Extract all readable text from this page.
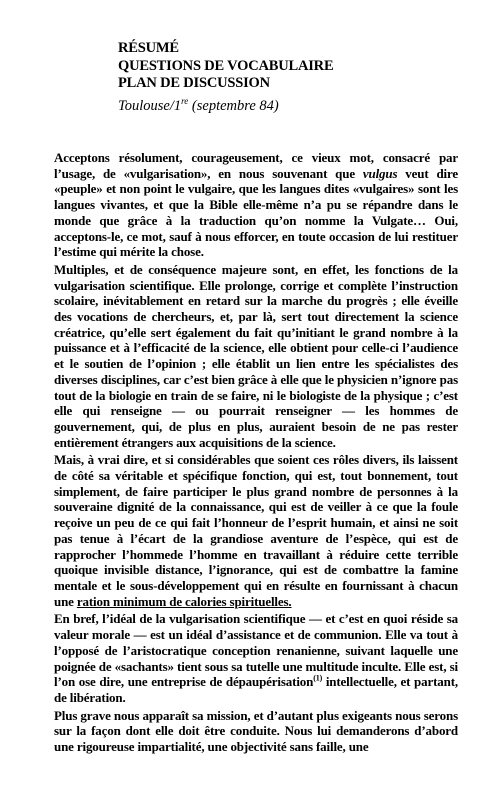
RÉSUMÉ
QUESTIONS DE VOCABULAIRE
PLAN DE DISCUSSION
Toulouse/1re (septembre 84)

Acceptons résolument, courageusement, ce vieux mot, consacré par l’usage, de «vulgarisation», en nous souvenant que vulgus veut dire «peuple» et non point le vulgaire, que les langues dites «vulgaires» sont les langues vivantes, et que la Bible elle-même n’a pu se répandre dans le monde que grâce à la traduction qu’on nomme la Vulgate… Oui, acceptons-le, ce mot, sauf à nous efforcer, en toute occasion de lui restituer l’estime qui mérite la chose.

Multiples, et de conséquence majeure sont, en effet, les fonctions de la vulgarisation scientifique. Elle prolonge, corrige et complète l’instruction scolaire, inévitablement en retard sur la marche du progrès ; elle éveille des vocations de chercheurs, et, par là, sert tout directement la science créatrice, qu’elle sert également du fait qu’initiant le grand nombre à la puissance et à l’efficacité de la science, elle obtient pour celle-ci l’audience et le soutien de l’opinion ; elle établit un lien entre les spécialistes des diverses disciplines, car c’est bien grâce à elle que le physicien n’ignore pas tout de la biologie en train de se faire, ni le biologiste de la physique ; c’est elle qui renseigne — ou pourrait renseigner — les hommes de gouvernement, qui, de plus en plus, auraient besoin de ne pas rester entièrement étrangers aux acquisitions de la science.

Mais, à vrai dire, et si considérables que soient ces rôles divers, ils laissent de côté sa véritable et spécifique fonction, qui est, tout bonnement, tout simplement, de faire participer le plus grand nombre de personnes à la souveraine dignité de la connaissance, qui est de veiller à ce que la foule reçoive un peu de ce qui fait l’honneur de l’esprit humain, et ainsi ne soit pas tenue à l’écart de la grandiose aventure de l’espèce, qui est de rapprocher l’hommede l’homme en travaillant à réduire cette terrible quoique invisible distance, l’ignorance, qui est de combattre la famine mentale et le sous-développement qui en résulte en fournissant à chacun une ration minimum de calories spirituelles.

En bref, l’idéal de la vulgarisation scientifique — et c’est en quoi réside sa valeur morale — est un idéal d’assistance et de communion. Elle va tout à l’opposé de l’aristocratique conception renanienne, suivant laquelle une poignée de «sachants» tient sous sa tutelle une multitude inculte. Elle est, si l’on ose dire, une entreprise de dépaupérisation$^{(1)}$ intellectuelle, et partant, de libération.

Plus grave nous apparaît sa mission, et d’autant plus exigeants nous serons sur la façon dont elle doit être conduite. Nous lui demanderons d’abord une rigoureuse impartialité, une objectivité sans faille, une
